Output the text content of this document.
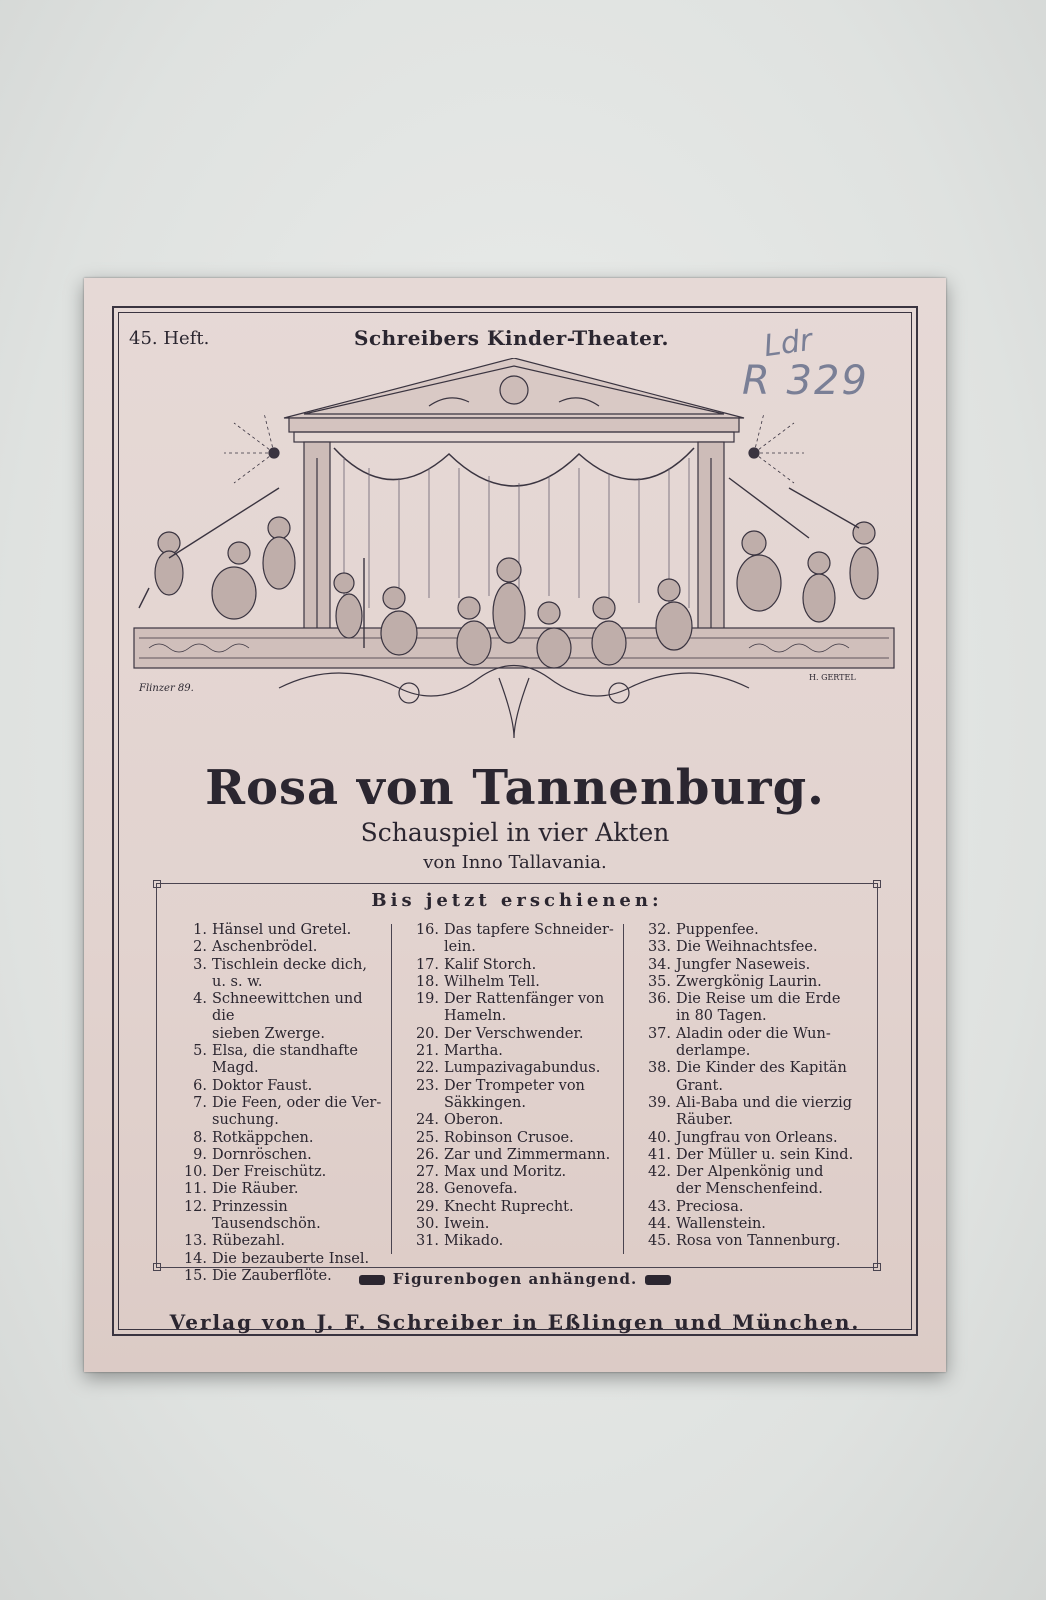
45. Heft.	Schreibers Kinder-Theater.	Ldr
R 329
Flinzer 89.
H. GERTEL
Rosa von Tannenburg.
Schauspiel in vier Akten
von Inno Tallavania.
Bis jetzt erschienen:
1. Hänsel und Gretel.
2. Aschenbrödel.
3. Tischlein decke dich,
u. s. w.
4. Schneewittchen und die
sieben Zwerge.
5. Elsa, die standhafte
Magd.
6. Doktor Faust.
7. Die Feen, oder die Ver-
suchung.
8. Rotkäppchen.
9. Dornröschen.
10. Der Freischütz.
11. Die Räuber.
12. Prinzessin Tausendschön.
13. Rübezahl.
14. Die bezauberte Insel.
15. Die Zauberflöte.
16. Das tapfere Schneider-
lein.
17. Kalif Storch.
18. Wilhelm Tell.
19. Der Rattenfänger von
Hameln.
20. Der Verschwender.
21. Martha.
22. Lumpazivagabundus.
23. Der Trompeter von
Säkkingen.
24. Oberon.
25. Robinson Crusoe.
26. Zar und Zimmermann.
27. Max und Moritz.
28. Genovefa.
29. Knecht Ruprecht.
30. Iwein.
31. Mikado.
32. Puppenfee.
33. Die Weihnachtsfee.
34. Jungfer Naseweis.
35. Zwergkönig Laurin.
36. Die Reise um die Erde
in 80 Tagen.
37. Aladin oder die Wun-
derlampe.
38. Die Kinder des Kapitän
Grant.
39. Ali-Baba und die vierzig
Räuber.
40. Jungfrau von Orleans.
41. Der Müller u. sein Kind.
42. Der Alpenkönig und
der Menschenfeind.
43. Preciosa.
44. Wallenstein.
45. Rosa von Tannenburg.
Figurenbogen anhängend.
Verlag von J. F. Schreiber in Eßlingen und München.
